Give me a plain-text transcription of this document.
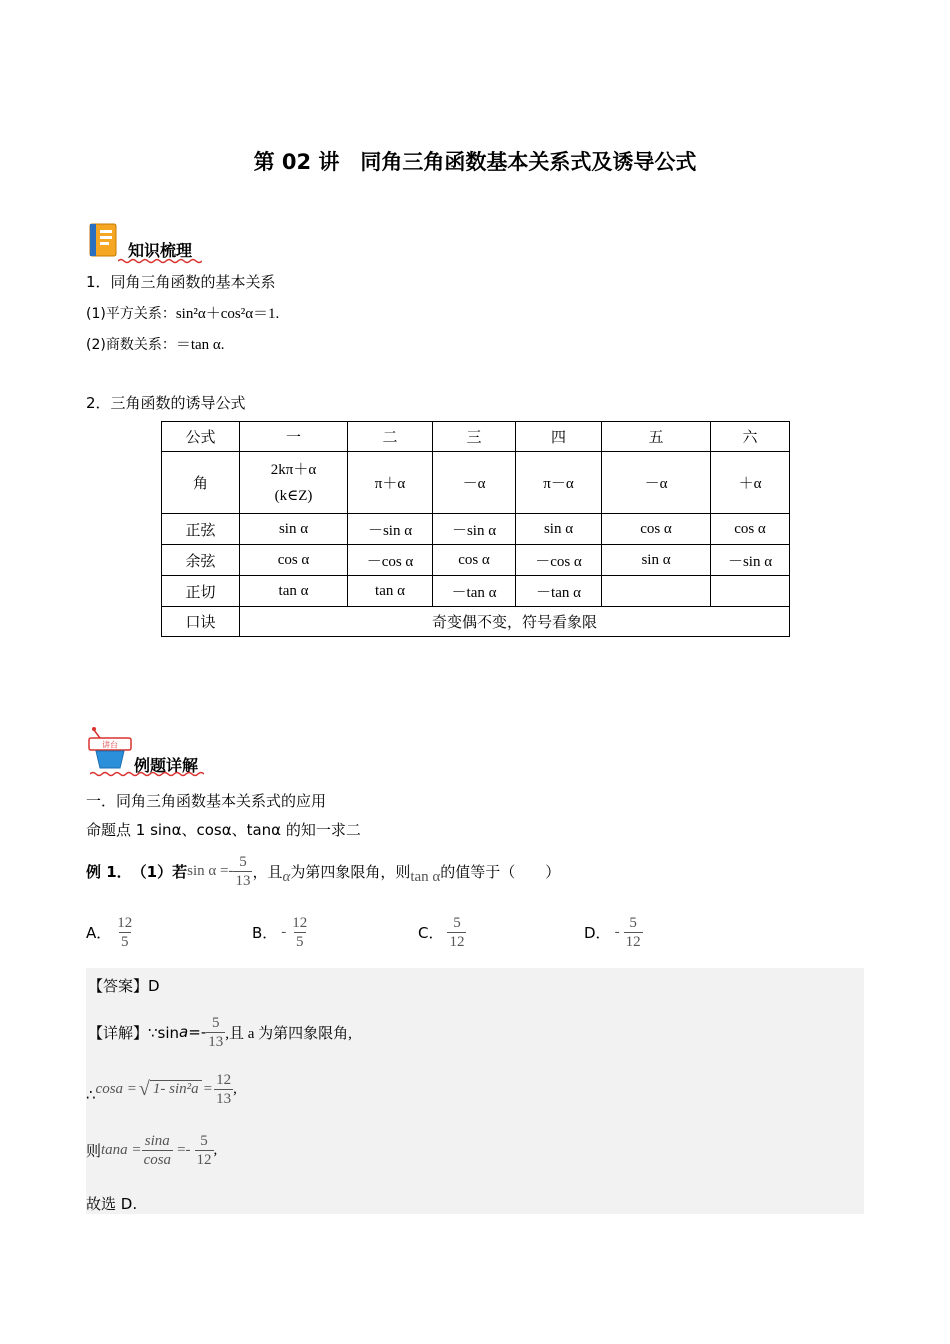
第 02 讲　同角三角函数基本关系式及诱导公式
知识梳理
1．同角三角函数的基本关系
(1)平方关系：sin²α＋cos²α＝1.
(2)商数关系：＝tan α.
2．三角函数的诱导公式
公式	一	二	三	四	五	六
角	2kπ＋α
(k∈Z)	π＋α	－α	π－α	－α	＋α
正弦	sin α	－sin α	－sin α	sin α	cos α	cos α
余弦	cos α	－cos α	cos α	－cos α	sin α	－sin α
正切	tan α	tan α	－tan α	－tan α		
口诀	奇变偶不变，符号看象限					
讲台
例题详解
一．同角三角函数基本关系式的应用
命题点 1 sinα、cosα、tanα 的知一求二
例 1． （1）若 $\sin \alpha =- \frac{5}{13}$ ，且 α 为第四象限角，则 tan α 的值等于（　　）
A． $\frac{12}{5}$	B． - $\frac{12}{5}$	C． $\frac{5}{12}$	D． - $\frac{5}{12}$
【答案】D
【详解】∵sin $a =- \frac{5}{13}$ ,且 a 为第四象限角,
∴ cosa = √ 1- $\sin^2a = \frac{12}{13}$ ,
则 $\tan a = \frac{\sin a}{\cos a} =- \frac{5}{12}$ ,
故选 D.
